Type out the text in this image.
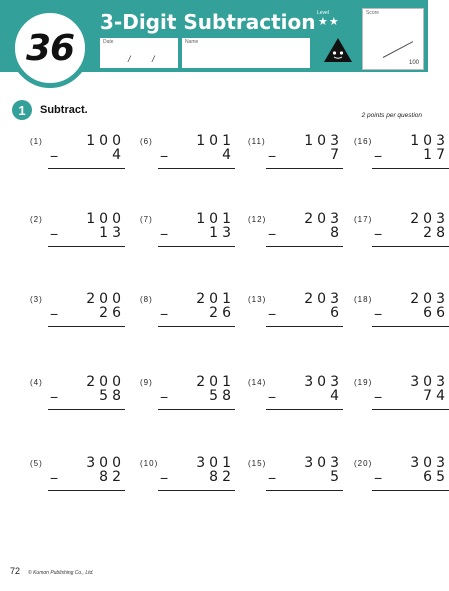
36
3-Digit Subtraction
Date
/ /
Name
Level
★★
Score
100
1	Subtract.	2 points per question
(1)	100
−	4
(2)	100
−	13
(3)	200
−	26
(4)	200
−	58
(5)	300
−	82
(6)	101
−	4
(7)	101
−	13
(8)	201
−	26
(9)	201
−	58
(10)	301
−	82
(11)	103
−	7
(12)	203
−	8
(13)	203
−	6
(14)	303
−	4
(15)	303
−	5
(16)	103
−	17
(17)	203
−	28
(18)	203
−	66
(19)	303
−	74
(20)	303
−	65
72 © Kumon Publishing Co., Ltd.
